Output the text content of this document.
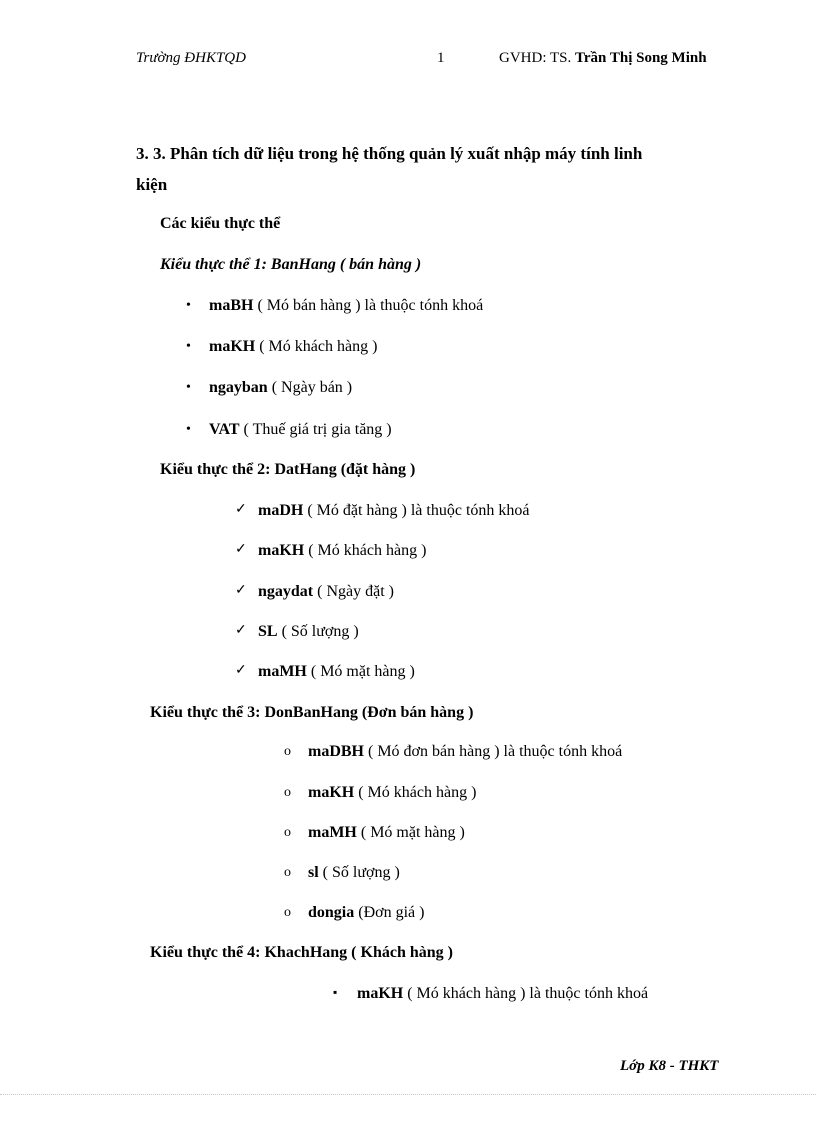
Trường ĐHKTQD	1	GVHD: TS. Trần Thị Song Minh
3. 3. Phân tích dữ liệu trong hệ thống quản lý xuất nhập máy tính linh
kiện
Các kiểu thực thể
Kiểu thực thể 1: BanHang ( bán hàng )
• maBH ( Mó bán hàng ) là thuộc tónh khoá
• maKH ( Mó khách hàng )
• ngayban ( Ngày bán )
• VAT ( Thuế giá trị gia tăng )
Kiểu thực thể 2: DatHang (đặt hàng )
✓ maDH ( Mó đặt hàng ) là thuộc tónh khoá
✓ maKH ( Mó khách hàng )
✓ ngaydat ( Ngày đặt )
✓ SL ( Số lượng )
✓ maMH ( Mó mặt hàng )
Kiểu thực thể 3: DonBanHang (Đơn bán hàng )
o maDBH ( Mó đơn bán hàng ) là thuộc tónh khoá
o maKH ( Mó khách hàng )
o maMH ( Mó mặt hàng )
o sl ( Số lượng )
o dongia (Đơn giá )
Kiểu thực thể 4: KhachHang ( Khách hàng )
▪ maKH ( Mó khách hàng ) là thuộc tónh khoá
Lớp K8 - THKT
